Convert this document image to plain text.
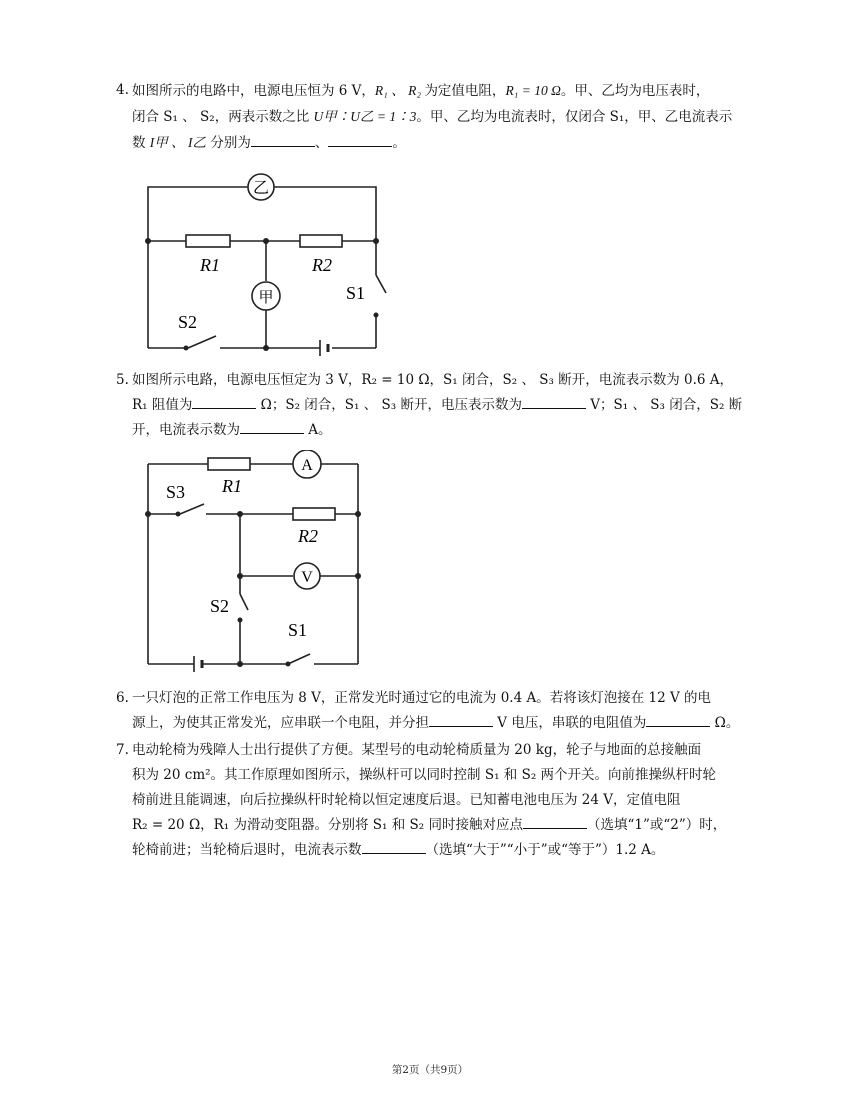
4. 如图所示的电路中，电源电压恒为 6 V，R₁ 、 R₂ 为定值电阻，R₁ = 10 Ω。甲、乙均为电压表时，
闭合 S₁ 、 S₂，两表示数之比 U甲∶U乙 = 1∶3。甲、乙均为电流表时，仅闭合 S₁，甲、乙电流表示
数 I甲 、 I乙 分别为	、	。
乙
甲
R1	R2
S1
S2
5. 如图所示电路，电源电压恒定为 3 V，R₂ = 10 Ω，S₁ 闭合，S₂ 、 S₃ 断开，电流表示数为 0.6 A，
R₁ 阻值为	Ω；S₂ 闭合，S₁ 、 S₃ 断开，电压表示数为	V；S₁ 、 S₃ 闭合，S₂ 断
开，电流表示数为	A。
A
V
R1
R2
S1
S2
S3
6. 一只灯泡的正常工作电压为 8 V，正常发光时通过它的电流为 0.4 A。若将该灯泡接在 12 V 的电
源上，为使其正常发光，应串联一个电阻，并分担	V 电压，串联的电阻值为	Ω。
7. 电动轮椅为残障人士出行提供了方便。某型号的电动轮椅质量为 20 kg，轮子与地面的总接触面
积为 20 cm²。其工作原理如图所示，操纵杆可以同时控制 S₁ 和 S₂ 两个开关。向前推操纵杆时轮
椅前进且能调速，向后拉操纵杆时轮椅以恒定速度后退。已知蓄电池电压为 24 V，定值电阻
R₂ = 20 Ω，R₁ 为滑动变阻器。分别将 S₁ 和 S₂ 同时接触对应点	（选填“1”或“2”）时，
轮椅前进；当轮椅后退时，电流表示数	（选填“大于”“小于”或“等于”）1.2 A。
第2页（共9页）
